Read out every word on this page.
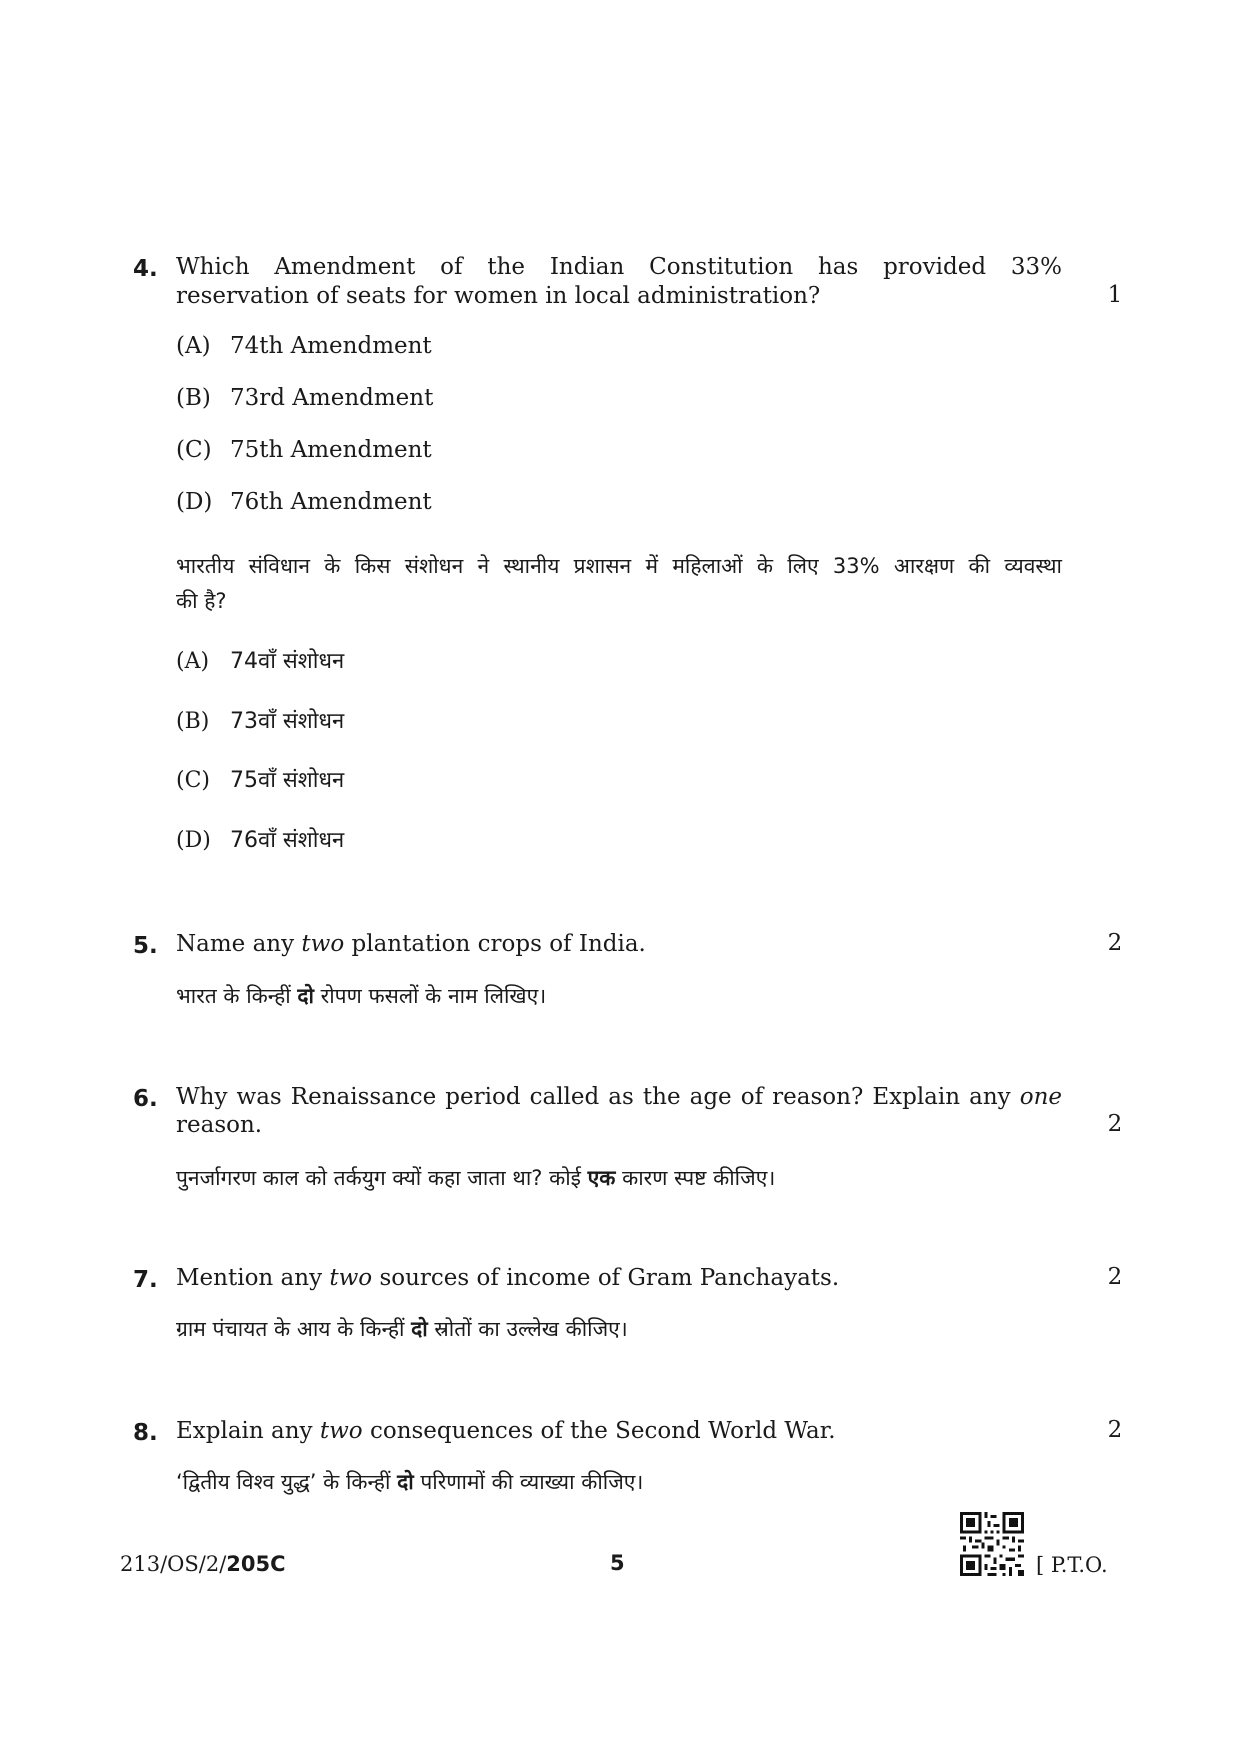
4. Which Amendment of the Indian Constitution has provided 33%
reservation of seats for women in local administration?	1
(A) 74th Amendment
(B) 73rd Amendment
(C) 75th Amendment
(D) 76th Amendment
भारतीय संविधान के किस संशोधन ने स्थानीय प्रशासन में महिलाओं के लिए 33% आरक्षण की व्यवस्था
की है?
(A) 74वाँ संशोधन
(B) 73वाँ संशोधन
(C) 75वाँ संशोधन
(D) 76वाँ संशोधन
5. Name any two plantation crops of India.	2
भारत के किन्हीं दो रोपण फसलों के नाम लिखिए।
6. Why was Renaissance period called as the age of reason? Explain any one
reason.	2
पुनर्जागरण काल को तर्कयुग क्यों कहा जाता था? कोई एक कारण स्पष्ट कीजिए।
7. Mention any two sources of income of Gram Panchayats.	2
ग्राम पंचायत के आय के किन्हीं दो स्रोतों का उल्लेख कीजिए।
8. Explain any two consequences of the Second World War.	2
‘द्वितीय विश्व युद्ध’ के किन्हीं दो परिणामों की व्याख्या कीजिए।
213/OS/2/205C	5	[ P.T.O.
